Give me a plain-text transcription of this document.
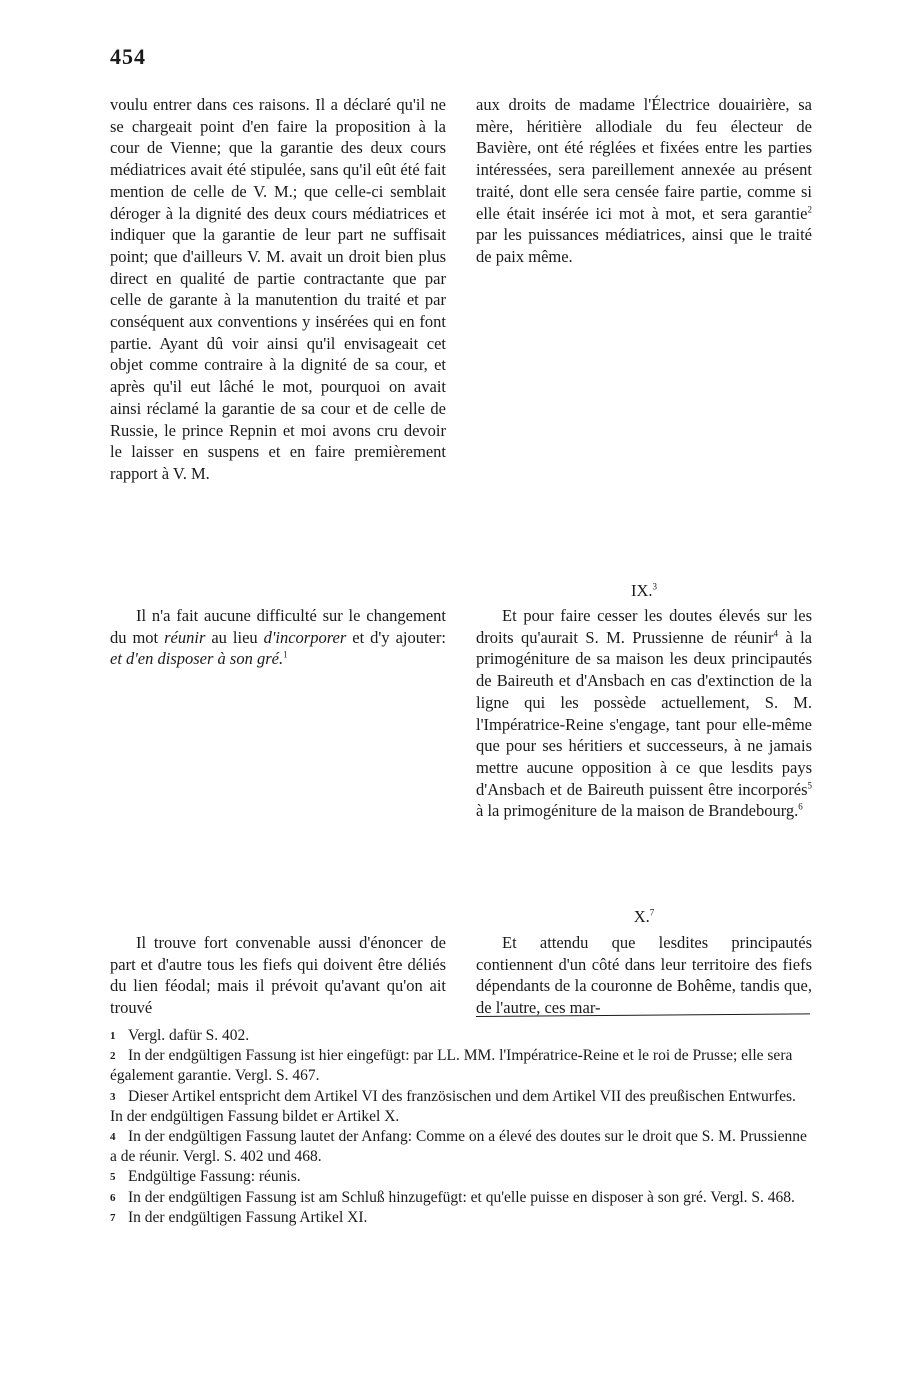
454

voulu entrer dans ces raisons. Il a déclaré qu'il ne se chargeait point d'en faire la proposition à la cour de Vienne; que la garantie des deux cours médiatrices avait été stipulée, sans qu'il eût été fait mention de celle de V. M.; que celle-ci semblait déroger à la dignité des deux cours médiatrices et indiquer que la garantie de leur part ne suffisait point; que d'ailleurs V. M. avait un droit bien plus direct en qualité de partie contractante que par celle de garante à la manutention du traité et par conséquent aux conventions y insérées qui en font partie. Ayant dû voir ainsi qu'il envisageait cet objet comme contraire à la dignité de sa cour, et après qu'il eut lâché le mot, pourquoi on avait ainsi réclamé la garantie de sa cour et de celle de Russie, le prince Repnin et moi avons cru devoir le laisser en suspens et en faire premièrement rapport à V. M.

Il n'a fait aucune difficulté sur le changement du mot réunir au lieu d'incorporer et d'y ajouter: et d'en disposer à son gré.$^1$

Il trouve fort convenable aussi d'énoncer de part et d'autre tous les fiefs qui doivent être déliés du lien féodal; mais il prévoit qu'avant qu'on ait trouvé

aux droits de madame l'Électrice douairière, sa mère, héritière allodiale du feu électeur de Bavière, ont été réglées et fixées entre les parties intéressées, sera pareillement annexée au présent traité, dont elle sera censée faire partie, comme si elle était insérée ici mot à mot, et sera garantie$^2$ par les puissances médiatrices, ainsi que le traité de paix même.

IX.$^3$

Et pour faire cesser les doutes élevés sur les droits qu'aurait S. M. Prussienne de réunir$^4$ à la primogéniture de sa maison les deux principautés de Baireuth et d'Ansbach en cas d'extinction de la ligne qui les possède actuellement, S. M. l'Impératrice-Reine s'engage, tant pour elle-même que pour ses héritiers et successeurs, à ne jamais mettre aucune opposition à ce que lesdits pays d'Ansbach et de Baireuth puissent être incorporés$^5$ à la primogéniture de la maison de Brandebourg.$^6$

X.$^7$

Et attendu que lesdites principautés contiennent d'un côté dans leur territoire des fiefs dépendants de la couronne de Bohême, tandis que, de l'autre, ces mar-

1 Vergl. dafür S. 402.

2 In der endgültigen Fassung ist hier eingefügt: par LL. MM. l'Impératrice-Reine et le roi de Prusse; elle sera également garantie. Vergl. S. 467.

3 Dieser Artikel entspricht dem Artikel VI des französischen und dem Artikel VII des preußischen Entwurfes. In der endgültigen Fassung bildet er Artikel X.

4 In der endgültigen Fassung lautet der Anfang: Comme on a élevé des doutes sur le droit que S. M. Prussienne a de réunir. Vergl. S. 402 und 468.

5 Endgültige Fassung: réunis.

6 In der endgültigen Fassung ist am Schluß hinzugefügt: et qu'elle puisse en disposer à son gré. Vergl. S. 468.

7 In der endgültigen Fassung Artikel XI.
